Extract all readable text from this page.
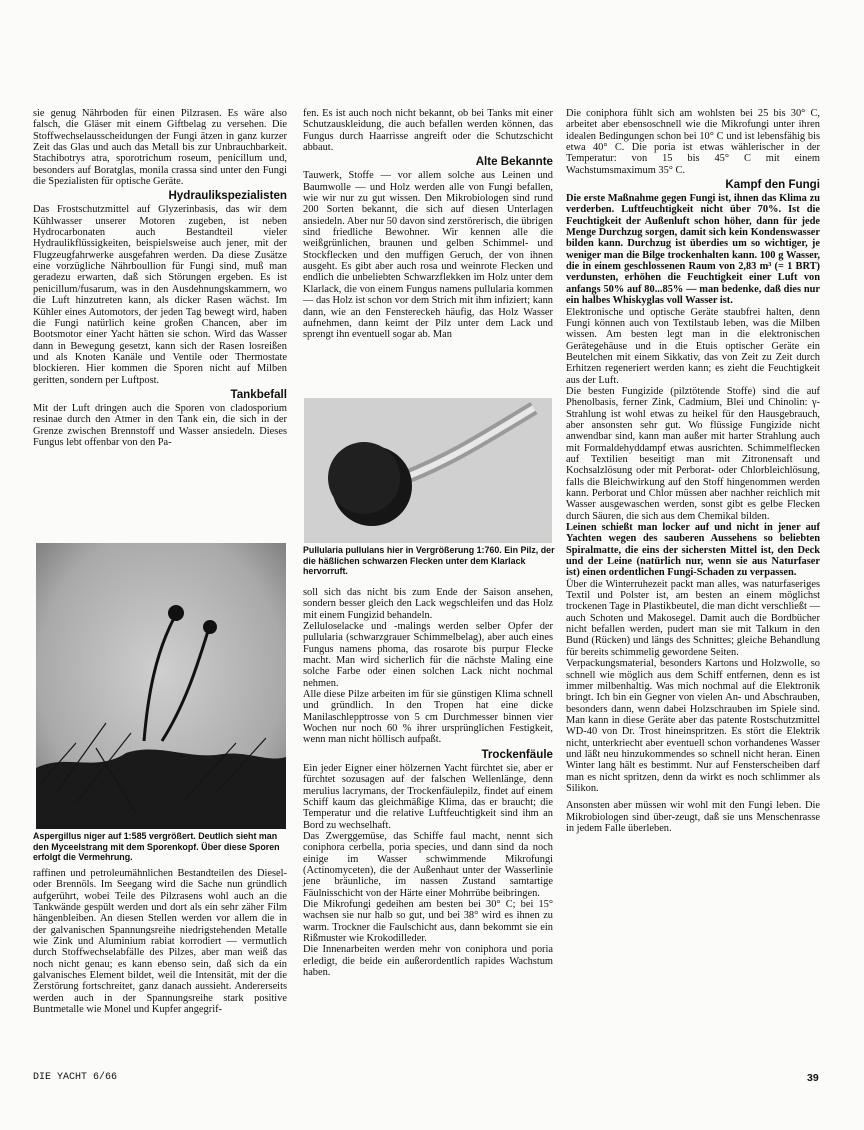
sie genug Nährboden für einen Pilzrasen. Es wäre also falsch, die Gläser mit einem Giftbelag zu versehen. Die Stoffwechselausscheidungen der Fungi ätzen in ganz kurzer Zeit das Glas und auch das Metall bis zur Unbrauchbarkeit. Stachibotrys atra, sporotrichum roseum, penicillum und, besonders auf Boratglas, monila crassa sind unter den Fungi die Spezialisten für optische Geräte.

Hydraulikspezialisten

Das Frostschutzmittel auf Glyzerinbasis, das wir dem Kühlwasser unserer Motoren zugeben, ist neben Hydrocarbonaten auch Bestandteil vieler Hydraulikflüssigkeiten, beispielsweise auch jener, mit der Flugzeugfahrwerke ausgefahren werden. Da diese Zusätze eine vorzügliche Nährboullion für Fungi sind, muß man geradezu erwarten, daß sich Störungen ergeben. Es ist penicillum/fusarum, was in den Ausdehnungskammern, wo die Luft hinzutreten kann, als dicker Rasen wächst. Im Kühler eines Automotors, der jeden Tag bewegt wird, haben die Fungi natürlich keine großen Chancen, aber im Bootsmotor einer Yacht hätten sie schon. Wird das Wasser dann in Bewegung gesetzt, kann sich der Rasen losreißen und als Knoten Kanäle und Ventile oder Thermostate blockieren. Hier kommen die Sporen nicht auf Milben geritten, sondern per Luftpost.

Tankbefall

Mit der Luft dringen auch die Sporen von cladosporium resinae durch den Atmer in den Tank ein, die sich in der Grenze zwischen Brennstoff und Wasser ansiedeln. Dieses Fungus lebt offenbar von den Pa-

Aspergillus niger auf 1:585 vergrößert. Deutlich sieht man den Myceelstrang mit dem Sporenkopf. Über diese Sporen erfolgt die Vermehrung.

raffinen und petroleumähnlichen Bestandteilen des Diesel- oder Brennöls. Im Seegang wird die Sache nun gründlich aufgerührt, wobei Teile des Pilzrasens wohl auch an die Tankwände gespült werden und dort als ein sehr zäher Film hängenbleiben. An diesen Stellen werden vor allem die in der galvanischen Spannungsreihe niedrigstehenden Metalle wie Zink und Aluminium rabiat korrodiert — vermutlich durch Stoffwechselabfälle des Pilzes, aber man weiß das noch nicht genau; es kann ebenso sein, daß sich da ein galvanisches Element bildet, weil die Intensität, mit der die Zerstörung fortschreitet, ganz danach aussieht. Andererseits werden auch in der Spannungsreihe stark positive Buntmetalle wie Monel und Kupfer angegrif-

fen. Es ist auch noch nicht bekannt, ob bei Tanks mit einer Schutzauskleidung, die auch befallen werden können, das Fungus durch Haarrisse angreift oder die Schutzschicht abbaut.

Alte Bekannte

Tauwerk, Stoffe — vor allem solche aus Leinen und Baumwolle — und Holz werden alle von Fungi befallen, wie wir nur zu gut wissen. Den Mikrobiologen sind rund 200 Sorten bekannt, die sich auf diesen Unterlagen ansiedeln. Aber nur 50 davon sind zerstörerisch, die übrigen sind friedliche Bewohner. Wir kennen alle die weißgrünlichen, braunen und gelben Schimmel- und Stockflecken und den muffigen Geruch, der von ihnen ausgeht. Es gibt aber auch rosa und weinrote Flecken und endlich die unbeliebten Schwarzflekken im Holz unter dem Klarlack, die von einem Fungus namens pullularia kommen — das Holz ist schon vor dem Strich mit ihm infiziert; kann dann, wie an den Fenstereckeh häufig, das Holz Wasser aufnehmen, dann keimt der Pilz unter dem Lack und sprengt ihn eventuell sogar ab. Man

Pullularia pullulans hier in Vergrößerung 1:760. Ein Pilz, der die häßlichen schwarzen Flecken unter dem Klarlack hervorruft.

soll sich das nicht bis zum Ende der Saison ansehen, sondern besser gleich den Lack wegschleifen und das Holz mit einem Fungizid behandeln.

Zelluloselacke und -malings werden selber Opfer der pullularia (schwarzgrauer Schimmelbelag), aber auch eines Fungus namens phoma, das rosarote bis purpur Flecke macht. Man wird sicherlich für die nächste Maling eine solche Farbe oder einen solchen Lack nicht nochmal nehmen.

Alle diese Pilze arbeiten im für sie günstigen Klima schnell und gründlich. In den Tropen hat eine dicke Manilaschlepptrosse von 5 cm Durchmesser binnen vier Wochen nur noch 60 % ihrer ursprünglichen Festigkeit, wenn man nicht höllisch aufpaßt.

Trockenfäule

Ein jeder Eigner einer hölzernen Yacht fürchtet sie, aber er fürchtet sozusagen auf der falschen Wellenlänge, denn merulius lacrymans, der Trockenfäulepilz, findet auf einem Schiff kaum das gleichmäßige Klima, das er braucht; die Temperatur und die relative Luftfeuchtigkeit sind ihm an Bord zu wechselhaft.

Das Zwerggemüse, das Schiffe faul macht, nennt sich coniphora cerbella, poria species, und dann sind da noch einige im Wasser schwimmende Mikrofungi (Actinomyceten), die der Außenhaut unter der Wasserlinie jene bräunliche, im nassen Zustand samtartige Fäulnisschicht von der Härte einer Mohrrübe beibringen.

Die Mikrofungi gedeihen am besten bei 30° C; bei 15° wachsen sie nur halb so gut, und bei 38° wird es ihnen zu warm. Trockner die Faulschicht aus, dann bekommt sie ein Rißmuster wie Krokodilleder.

Die Innenarbeiten werden mehr von coniphora und poria erledigt, die beide ein außerordentlich rapides Wachstum haben.

Die coniphora fühlt sich am wohlsten bei 25 bis 30° C, arbeitet aber ebensoschnell wie die Mikrofungi unter ihren idealen Bedingungen schon bei 10° C und ist lebensfähig bis etwa 40° C. Die poria ist etwas wählerischer in der Temperatur: von 15 bis 45° C mit einem Wachstumsmaximum 35° C.

Kampf den Fungi

Die erste Maßnahme gegen Fungi ist, ihnen das Klima zu verderben. Luftfeuchtigkeit nicht über 70%. Ist die Feuchtigkeit der Außenluft schon höher, dann für jede Menge Durchzug sorgen, damit sich kein Kondenswasser bilden kann. Durchzug ist überdies um so wichtiger, je weniger man die Bilge trockenhalten kann. 100 g Wasser, die in einem geschlossenen Raum von 2,83 m³ (= 1 BRT) verdunsten, erhöhen die Feuchtigkeit einer Luft von anfangs 50% auf 80...85% — man bedenke, daß dies nur ein halbes Whiskyglas voll Wasser ist.

Elektronische und optische Geräte staubfrei halten, denn Fungi können auch von Textilstaub leben, was die Milben wissen. Am besten legt man in die elektronischen Gerätegehäuse und in die Etuis optischer Geräte ein Beutelchen mit einem Sikkativ, das von Zeit zu Zeit durch Erhitzen regeneriert werden kann; es zieht die Feuchtigkeit aus der Luft.

Die besten Fungizide (pilztötende Stoffe) sind die auf Phenolbasis, ferner Zink, Cadmium, Blei und Chinolin: γ-Strahlung ist wohl etwas zu heikel für den Hausgebrauch, aber ansonsten sehr gut. Wo flüssige Fungizide nicht anwendbar sind, kann man außer mit harter Strahlung auch mit Formaldehyddampf etwas ausrichten. Schimmelflecken auf Textilien beseitigt man mit Zitronensaft und Kochsalzlösung oder mit Perborat- oder Chlorbleichlösung, falls die Bleichwirkung auf den Stoff hingenommen werden kann. Perborat und Chlor müssen aber nachher reichlich mit Wasser ausgewaschen werden, sonst gibt es gelbe Flecken durch Säuren, die sich aus dem Chemikal bilden.

Leinen schießt man locker auf und nicht in jener auf Yachten wegen des sauberen Aussehens so beliebten Spiralmatte, die eins der sichersten Mittel ist, den Deck und der Leine (natürlich nur, wenn sie aus Naturfaser ist) einen ordentlichen Fungi-Schaden zu verpassen.

Über die Winterruhezeit packt man alles, was naturfaseriges Textil und Polster ist, am besten an einem möglichst trockenen Tage in Plastikbeutel, die man dicht verschließt — auch Schoten und Makosegel. Damit auch die Bordbücher nicht befallen werden, pudert man sie mit Talkum in den Bund (Rücken) und längs des Schnittes; gleiche Behandlung für bereits schimmelig gewordene Seiten.

Verpackungsmaterial, besonders Kartons und Holzwolle, so schnell wie möglich aus dem Schiff entfernen, denn es ist immer milbenhaltig. Was mich nochmal auf die Elektronik bringt. Ich bin ein Gegner von vielen An- und Abschrauben, besonders dann, wenn dabei Holzschrauben im Spiele sind. Man kann in diese Geräte aber das patente Rostschutzmittel WD-40 von Dr. Trost hineinspritzen. Es stört die Elektrik nicht, unterkriecht aber eventuell schon vorhandenes Wasser und läßt neu hinzukommendes so schnell nicht heran. Einen Winter lang hält es bestimmt. Nur auf Fensterscheiben darf man es nicht spritzen, denn da wirkt es noch schlimmer als Silikon.

Ansonsten aber müssen wir wohl mit den Fungi leben. Die Mikrobiologen sind über-zeugt, daß sie uns Menschenrasse in jedem Falle überleben.

DIE YACHT 6/66	39
